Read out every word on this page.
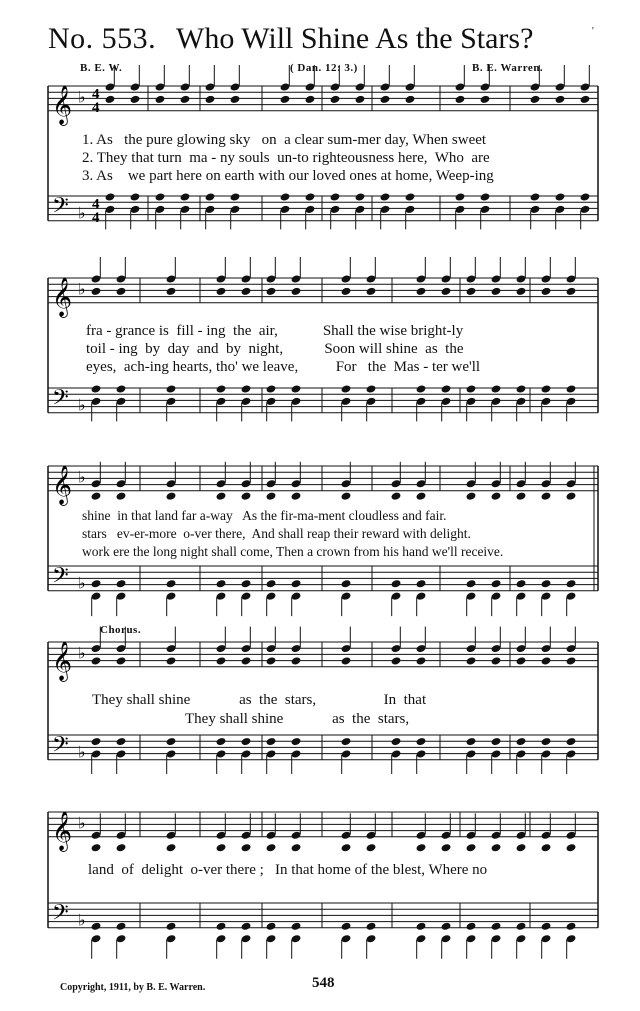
No. 553. Who Will Shine As the Stars?	'
B. E. W.	( Dan. 12: 3.)	B. E. Warren.
𝄞 ♭ 4
4
𝄢 ♭ 4
4
𝄞 ♭
𝄢 ♭
𝄞 ♭
𝄢 ♭
𝄞 ♭
𝄢 ♭
𝄞 ♭
𝄢 ♭
1. As   the pure glowing sky   on  a clear sum-mer day, When sweet
2. They that turn  ma - ny souls  un-to righteousness here,  Who  are
3. As    we part here on earth with our loved ones at home, Weep-ing
fra - grance is  fill - ing  the  air,            Shall the wise bright-ly
toil - ing  by  day  and  by  night,           Soon will shine  as  the
eyes,  ach-ing hearts, tho' we leave,          For   the  Mas - ter we'll
shine  in that land far a-way   As the fir-ma-ment cloudless and fair.
stars   ev-er-more  o-ver there,  And shall reap their reward with delight.
work ere the long night shall come, Then a crown from his hand we'll receive.
Chorus.
They shall shine             as  the  stars,                  In  that
They shall shine             as  the  stars,
land  of  delight  o-ver there ;   In that home of the blest, Where no
Copyright, 1911, by B. E. Warren.	548
